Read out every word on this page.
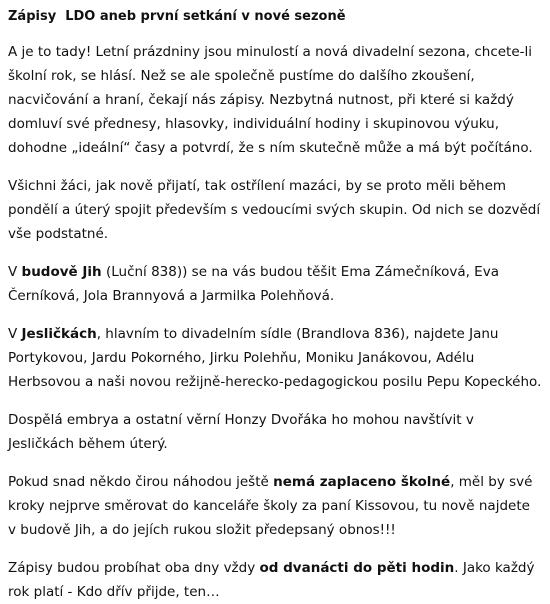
Zápisy  LDO aneb první setkání v nové sezoně

A je to tady! Letní prázdniny jsou minulostí a nová divadelní sezona, chcete-li školní rok, se hlásí. Než se ale společně pustíme do dalšího zkoušení, nacvičování a hraní, čekají nás zápisy. Nezbytná nutnost, při které si každý domluví své přednesy, hlasovky, individuální hodiny i skupinovou výuku, dohodne „ideální“ časy a potvrdí, že s ním skutečně může a má být počítáno.

Všichni žáci, jak nově přijatí, tak ostřílení mazáci, by se proto měli během pondělí a úterý spojit především s vedoucími svých skupin. Od nich se dozvědí vše podstatné.

V budově Jih (Luční 838)) se na vás budou těšit Ema Zámečníková, Eva Černíková, Jola Brannyová a Jarmilka Polehňová.

V Jesličkách, hlavním to divadelním sídle (Brandlova 836), najdete Janu Portykovou, Jardu Pokorného, Jirku Polehňu, Moniku Janákovou, Adélu Herbsovou a naši novou režijně-herecko-pedagogickou posilu Pepu Kopeckého.

Dospělá embrya a ostatní věrní Honzy Dvořáka ho mohou navštívit v Jesličkách během úterý.

Pokud snad někdo čirou náhodou ještě nemá zaplaceno školné, měl by své kroky nejprve směrovat do kanceláře školy za paní Kissovou, tu nově najdete v budově Jih, a do jejích rukou složit předepsaný obnos!!!

Zápisy budou probíhat oba dny vždy od dvanácti do pěti hodin. Jako každý rok platí - Kdo dřív přijde, ten…
